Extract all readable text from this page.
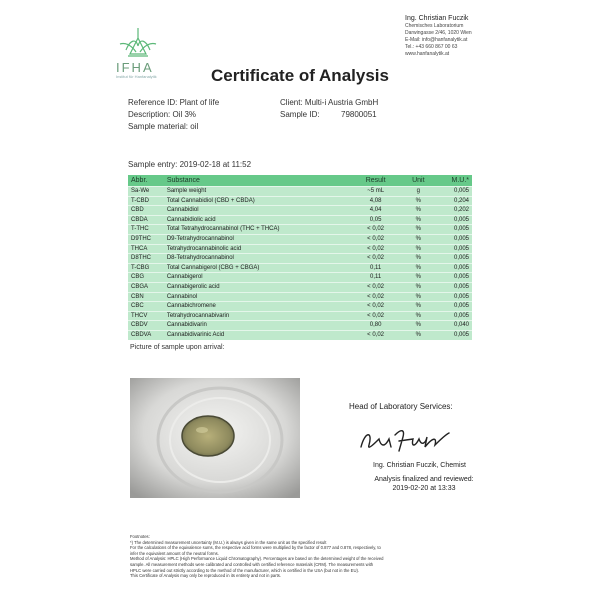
IFHA
Institut für Hanfanalytik
Ing. Christian Fuczik
Chemisches Laboratorium
Darwingasse 2/46, 1020 Wien
E-Mail: info@hanfanalytik.at
Tel.: +43 660 867 00 63
www.hanfanalytik.at
Certificate of Analysis
Reference ID: Plant of life
Description: Oil 3%
Sample material: oil
Client: Multi-i Austria GmbH
Sample ID:	79800051
Sample entry: 2019-02-18 at 11:52
Abbr.	Substance	Result	Unit	M.U.*
Sa-We	Sample weight	~5 mL	g	0,005
T-CBD	Total Cannabidiol (CBD + CBDA)	4,08	%	0,204
CBD	Cannabidiol	4,04	%	0,202
CBDA	Cannabidiolic acid	0,05	%	0,005
T-THC	Total Tetrahydrocannabinol (THC + THCA)	< 0,02	%	0,005
D9THC	D9-Tetrahydrocannabinol	< 0,02	%	0,005
THCA	Tetrahydrocannabinolic acid	< 0,02	%	0,005
D8THC	D8-Tetrahydrocannabinol	< 0,02	%	0,005
T-CBG	Total Cannabigerol (CBG + CBGA)	0,11	%	0,005
CBG	Cannabigerol	0,11	%	0,005
CBGA	Cannabigerolic acid	< 0,02	%	0,005
CBN	Cannabinol	< 0,02	%	0,005
CBC	Cannabichromene	< 0,02	%	0,005
THCV	Tetrahydrocannabivarin	< 0,02	%	0,005
CBDV	Cannabidivarin	0,80	%	0,040
CBDVA	Cannabidivarinic Acid	< 0,02	%	0,005
Picture of sample upon arrival:
Head of Laboratory Services:
Ing. Christian Fuczik, Chemist
Analysis finalized and reviewed:
2019-02-20 at 13:33
Footnotes:
*) The determined measurement uncertainty (M.U.) is always given in the same unit as the specified result
For the calculations of the equivalence sums, the respective acid forms were multiplied by the factor of 0.877 and 0.878, respectively, to
infer the equivalent amount of the neutral forms.
Method of Analysis: HPLC (High Performance Liquid Chromatography). Percentages are based on the determined weight of the received
sample. All measurement methods were calibrated and controlled with certified reference materials (CRM). The measurements with
HPLC were carried out strictly according to the method of the manufacturer, which is certified in the USA (but not in the EU).
This Certificate of Analysis may only be reproduced in its entirety and not in parts.
